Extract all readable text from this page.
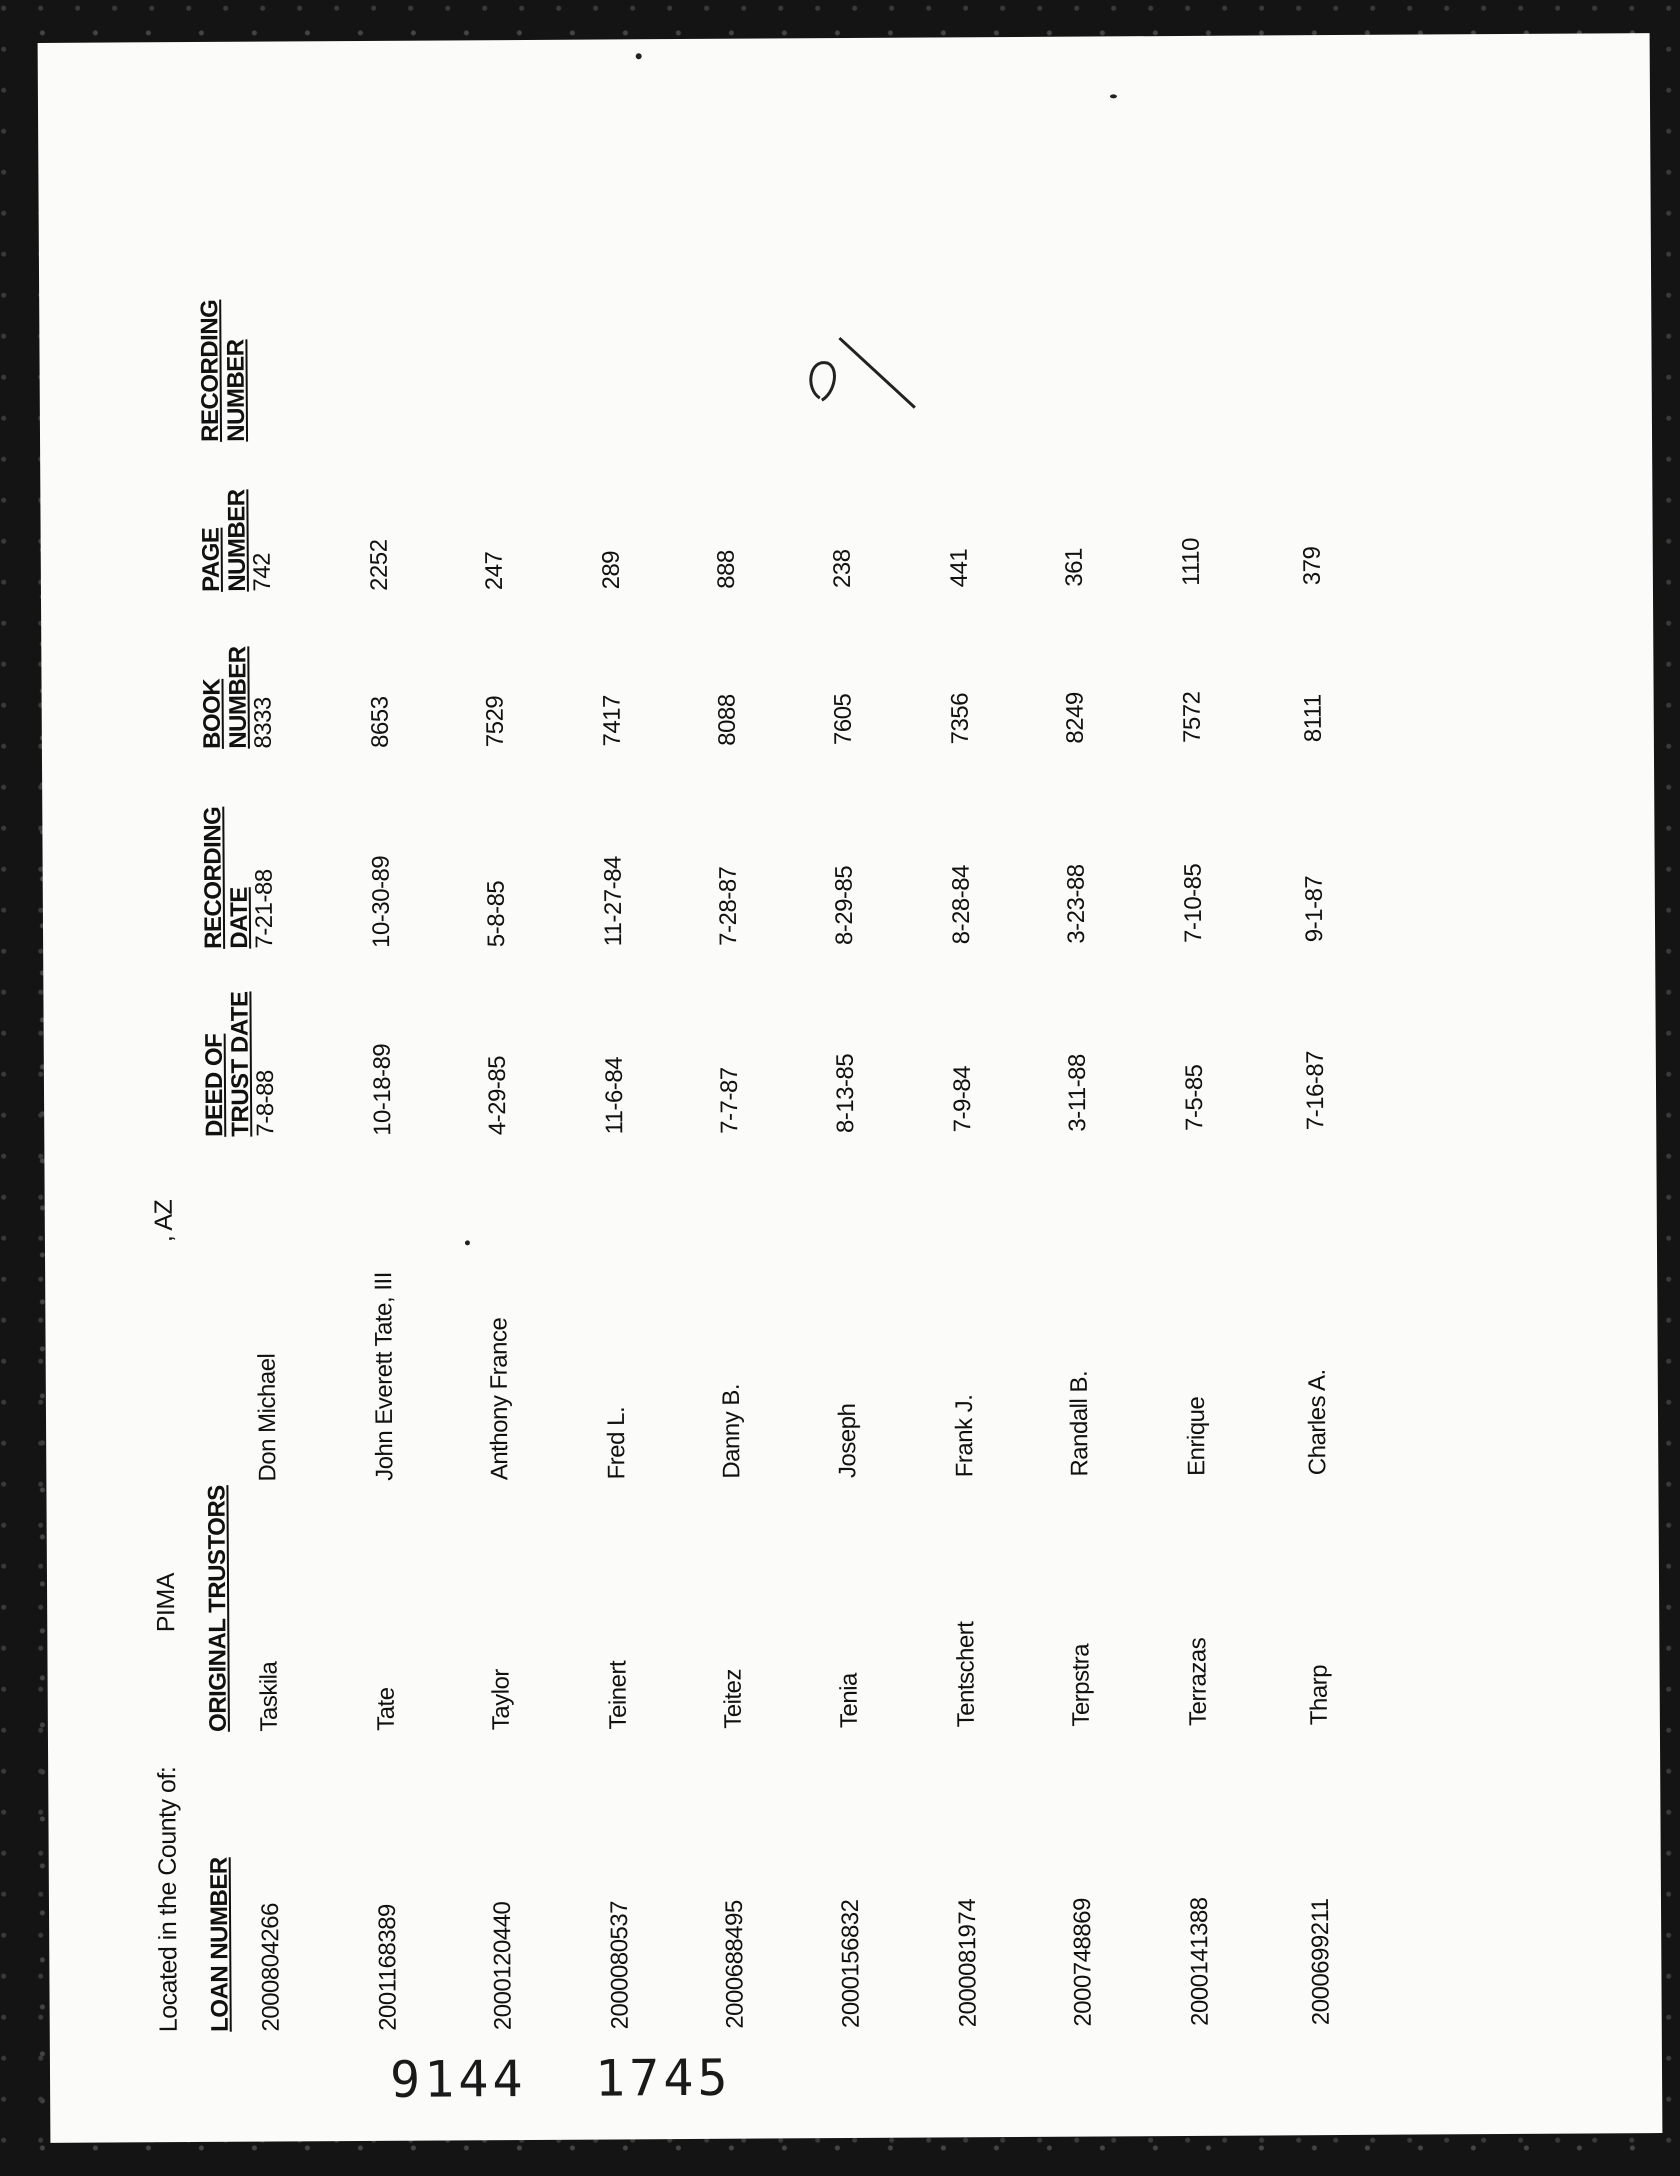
Located in the County of:
PIMA
, AZ
LOAN NUMBER
ORIGINAL TRUSTORS
DEED OF
TRUST DATE
RECORDING
DATE
BOOK
NUMBER
PAGE
NUMBER
RECORDING
NUMBER
2000804266
Taskila
Don Michael
7-8-88
7-21-88
8333
742
2001168389
Tate
John Everett Tate, III
10-18-89
10-30-89
8653
2252
2000120440
Taylor
Anthony France
4-29-85
5-8-85
7529
247
2000080537
Teinert
Fred L.
11-6-84
11-27-84
7417
289
2000688495
Teitez
Danny B.
7-7-87
7-28-87
8088
888
2000156832
Tenia
Joseph
8-13-85
8-29-85
7605
238
2000081974
Tentschert
Frank J.
7-9-84
8-28-84
7356
441
2000748869
Terpstra
Randall B.
3-11-88
3-23-88
8249
361
2000141388
Terrazas
Enrique
7-5-85
7-10-85
7572
1110
2000699211
Tharp
Charles A.
7-16-87
9-1-87
8111
379
9144 1745
